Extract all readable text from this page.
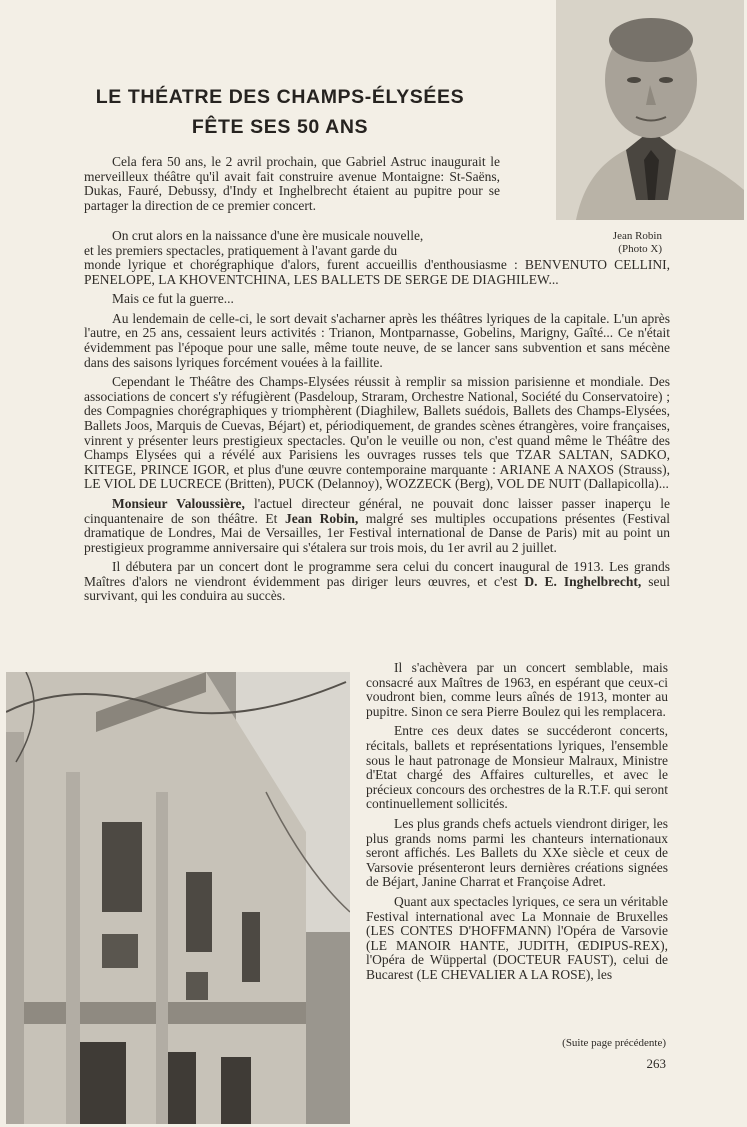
LE THÉATRE DES CHAMPS-ÉLYSÉES
FÊTE SES 50 ANS
Jean Robin
(Photo X)

Cela fera 50 ans, le 2 avril prochain, que Gabriel Astruc inaugurait le merveilleux théâtre qu'il avait fait construire avenue Montaigne: St-Saëns, Dukas, Fauré, Debussy, d'Indy et Inghelbrecht étaient au pupitre pour se partager la direction de ce premier concert.

On crut alors en la naissance d'une ère musicale nouvelle,

et les premiers spectacles, pratiquement à l'avant garde du

monde lyrique et chorégraphique d'alors, furent accueillis d'enthousiasme : BENVENUTO CELLINI, PENELOPE, LA KHOVENTCHINA, LES BALLETS DE SERGE DE DIAGHILEW...

Mais ce fut la guerre...

Au lendemain de celle-ci, le sort devait s'acharner après les théâtres lyriques de la capitale. L'un après l'autre, en 25 ans, cessaient leurs activités : Trianon, Montparnasse, Gobelins, Marigny, Gaîté... Ce n'était évidemment pas l'époque pour une salle, même toute neuve, de se lancer sans subvention et sans mécène dans des saisons lyriques forcément vouées à la faillite.

Cependant le Théâtre des Champs-Elysées réussit à remplir sa mission parisienne et mondiale. Des associations de concert s'y réfugièrent (Pasdeloup, Straram, Orchestre National, Société du Conservatoire) ; des Compagnies chorégraphiques y triomphèrent (Diaghilew, Ballets suédois, Ballets des Champs-Elysées, Ballets Joos, Marquis de Cuevas, Béjart) et, périodiquement, de grandes scènes étrangères, voire françaises, vinrent y présenter leurs prestigieux spectacles. Qu'on le veuille ou non, c'est quand même le Théâtre des Champs Elysées qui a révélé aux Parisiens les ouvrages russes tels que TZAR SALTAN, SADKO, KITEGE, PRINCE IGOR, et plus d'une œuvre contemporaine marquante : ARIANE A NAXOS (Strauss), LE VIOL DE LUCRECE (Britten), PUCK (Delannoy), WOZZECK (Berg), VOL DE NUIT (Dallapicolla)...

Monsieur Valoussière, l'actuel directeur général, ne pouvait donc laisser passer inaperçu le cinquantenaire de son théâtre. Et Jean Robin, malgré ses multiples occupations présentes (Festival dramatique de Londres, Mai de Versailles, 1er Festival international de Danse de Paris) mit au point un prestigieux programme anniversaire qui s'étalera sur trois mois, du 1er avril au 2 juillet.

Il débutera par un concert dont le programme sera celui du concert inaugural de 1913. Les grands Maîtres d'alors ne viendront évidemment pas diriger leurs œuvres, et c'est D. E. Inghelbrecht, seul survivant, qui les conduira au succès.

Il s'achèvera par un concert semblable, mais consacré aux Maîtres de 1963, en espérant que ceux-ci voudront bien, comme leurs aînés de 1913, monter au pupitre. Sinon ce sera Pierre Boulez qui les remplacera.

Entre ces deux dates se succéderont concerts, récitals, ballets et représentations lyriques, l'ensemble sous le haut patronage de Monsieur Malraux, Ministre d'Etat chargé des Affaires culturelles, et avec le précieux concours des orchestres de la R.T.F. qui seront continuellement sollicités.

Les plus grands chefs actuels viendront diriger, les plus grands noms parmi les chanteurs internationaux seront affichés. Les Ballets du XXe siècle et ceux de Varsovie présenteront leurs dernières créations signées de Béjart, Janine Charrat et Françoise Adret.

Quant aux spectacles lyriques, ce sera un véritable Festival international avec La Monnaie de Bruxelles (LES CONTES D'HOFFMANN) l'Opéra de Varsovie (LE MANOIR HANTE, JUDITH, ŒDIPUS-REX), l'Opéra de Wüppertal (DOCTEUR FAUST), celui de Bucarest (LE CHEVALIER A LA ROSE), les

(Suite page précédente)
263
